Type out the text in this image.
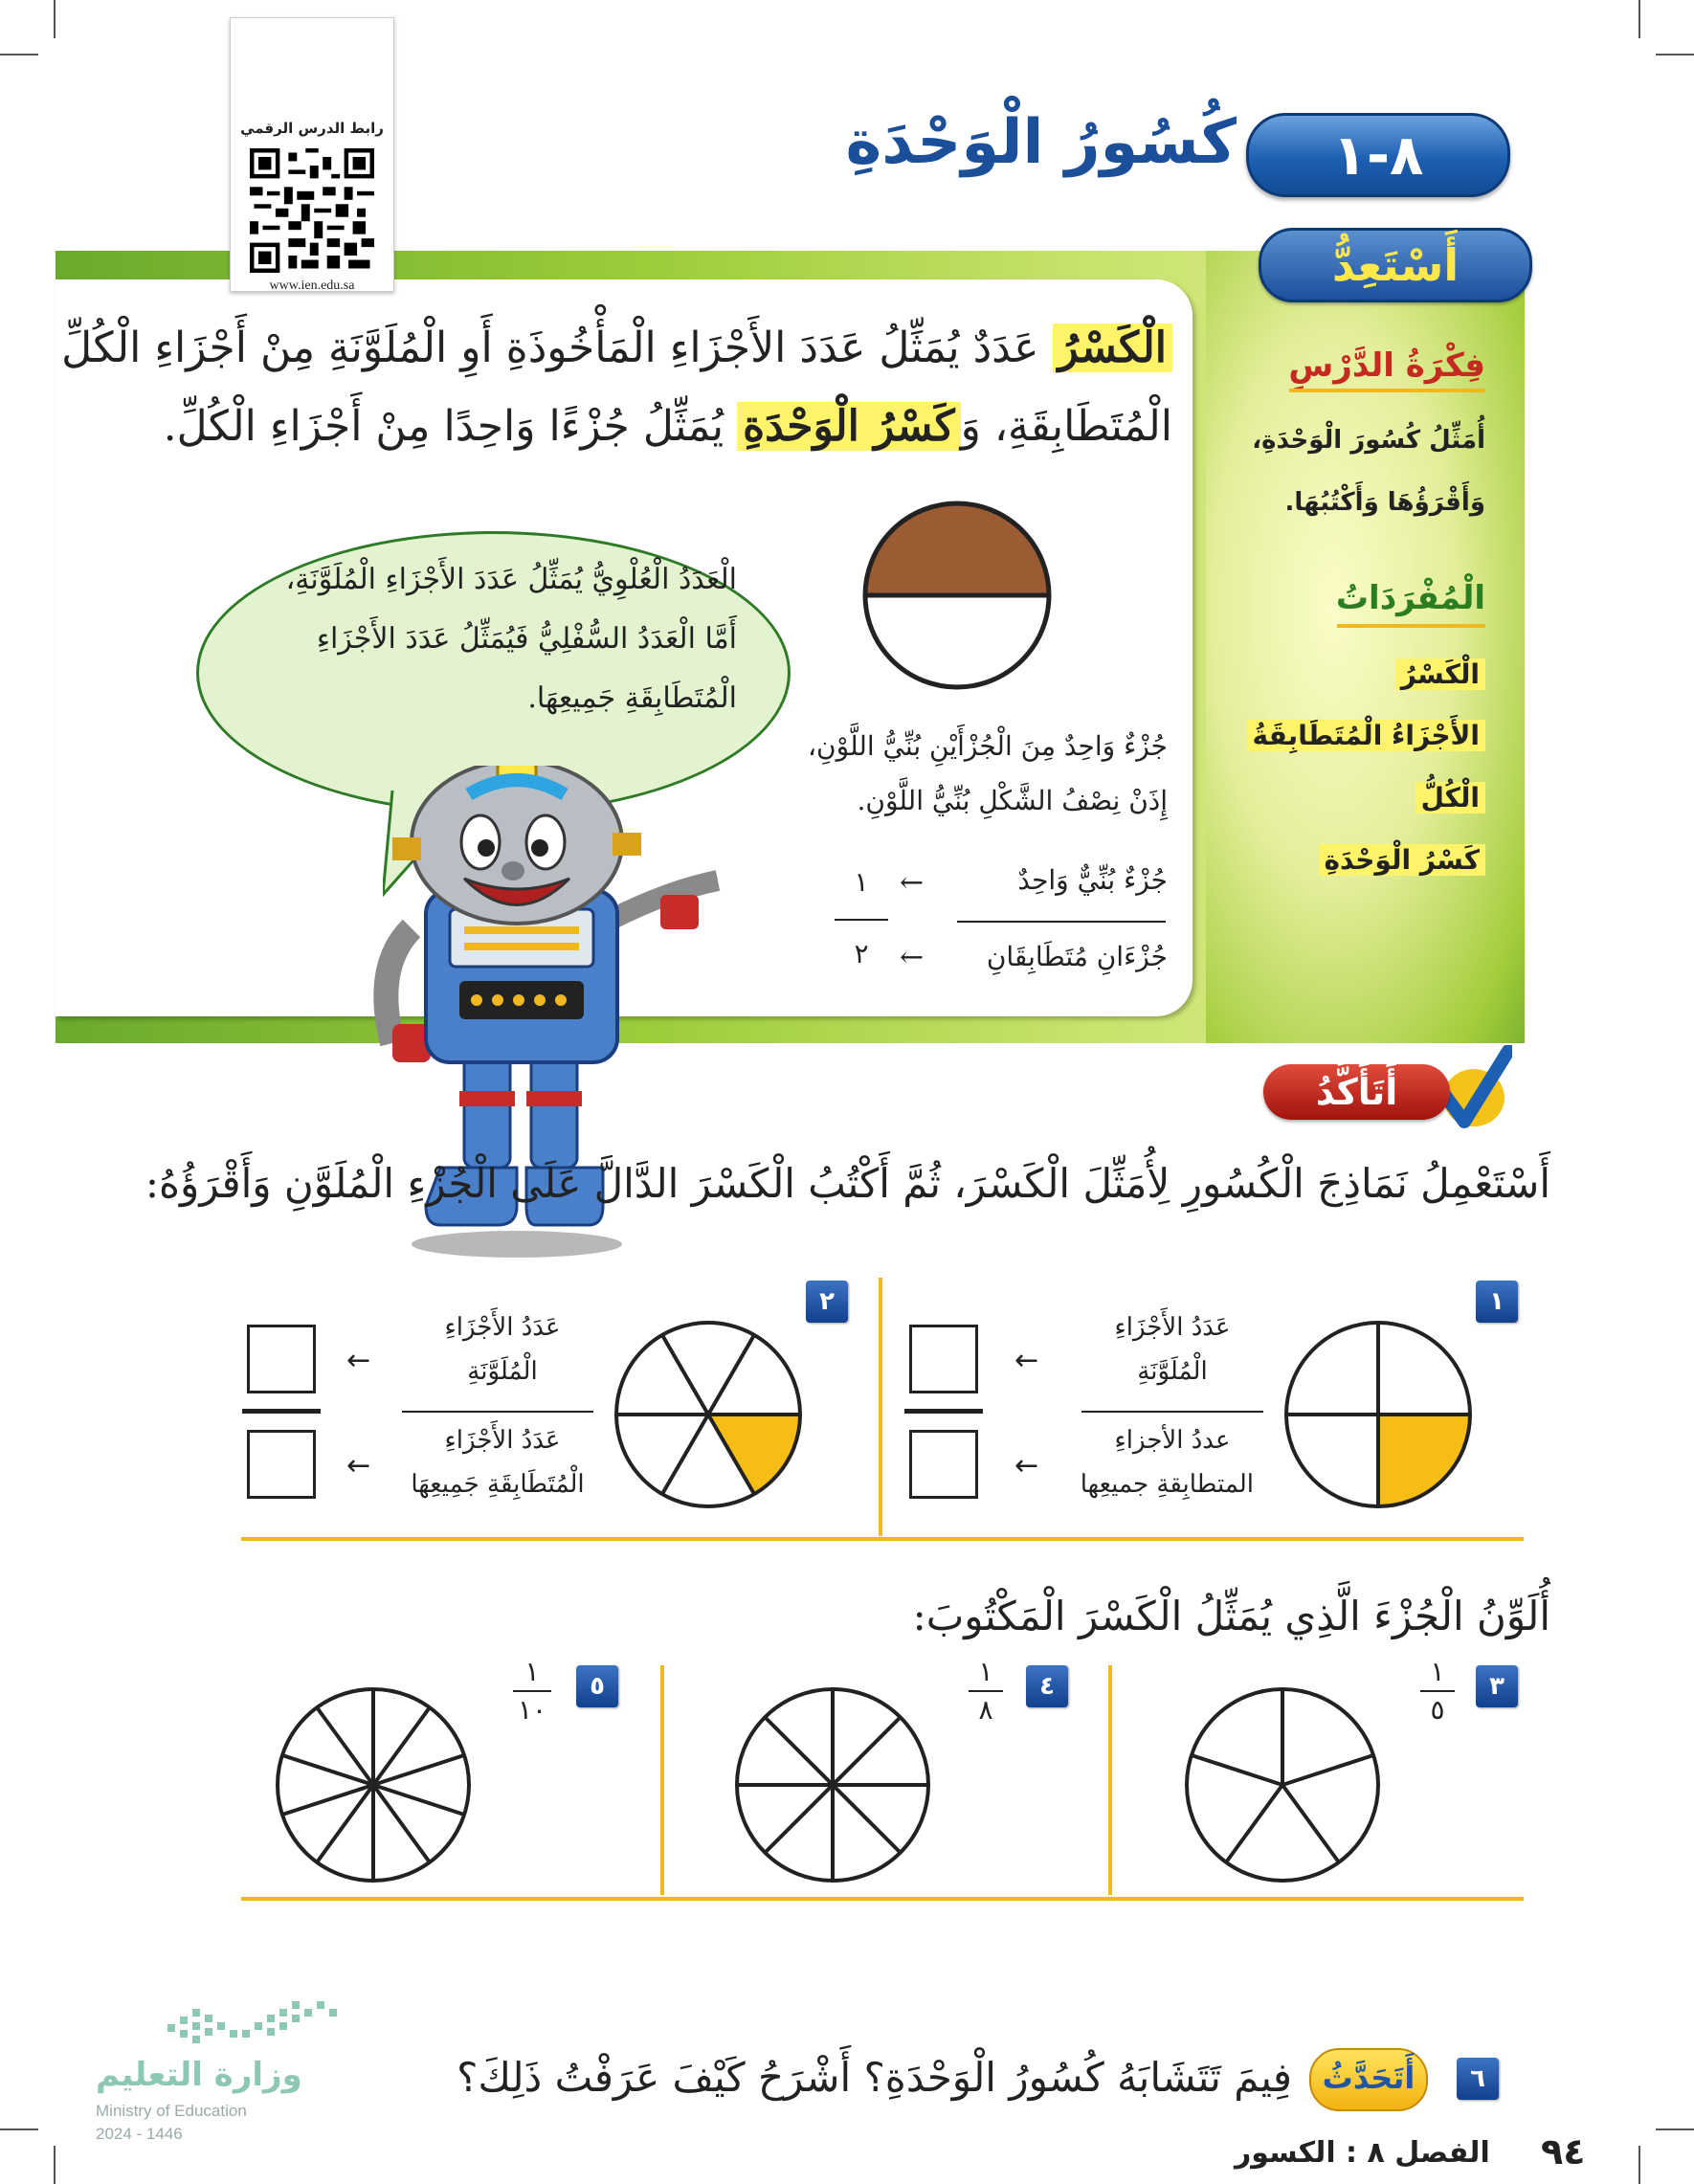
رابط الدرس الرقمي
www.ien.edu.sa
٨-١
كُسُورُ الْوَحْدَةِ
أَسْتَعِدُّ
الْكَسْرُ عَدَدٌ يُمَثِّلُ عَدَدَ الأَجْزَاءِ الْمَأْخُوذَةِ أَوِ الْمُلَوَّنَةِ مِنْ أَجْزَاءِ الْكُلِّ
الْمُتَطَابِقَةِ، وَكَسْرُ الْوَحْدَةِ يُمَثِّلُ جُزْءًا وَاحِدًا مِنْ أَجْزَاءِ الْكُلِّ.
فِكْرَةُ الدَّرْسِ
أُمَثِّلُ كُسُورَ الْوَحْدَةِ،
وَأَقْرَؤُهَا وَأَكْتُبُهَا.
الْمُفْرَدَاتُ
الْكَسْرُ
الأَجْزَاءُ الْمُتَطَابِقَةُ
الْكُلُّ
كَسْرُ الْوَحْدَةِ
الْعَدَدُ الْعُلْوِيُّ يُمَثِّلُ عَدَدَ الأَجْزَاءِ الْمُلَوَّنَةِ،
أَمَّا الْعَدَدُ السُّفْلِيُّ فَيُمَثِّلُ عَدَدَ الأَجْزَاءِ
الْمُتَطَابِقَةِ جَمِيعِهَا.
جُزْءٌ وَاحِدٌ مِنَ الْجُزْأَيْنِ بُنِّيُّ اللَّوْنِ،
إِذَنْ نِصْفُ الشَّكْلِ بُنِّيُّ اللَّوْنِ.
جُزْءٌ بُنِّيٌّ وَاحِدٌ
جُزْءَانِ مُتَطَابِقَانِ
←
←
١
٢
أَتَأَكَّدُ
أَسْتَعْمِلُ نَمَاذِجَ الْكُسُورِ لِأُمَثِّلَ الْكَسْرَ، ثُمَّ أَكْتُبُ الْكَسْرَ الدَّالَّ عَلَى الْجُزْءِ الْمُلَوَّنِ وَأَقْرَؤُهُ:
١
عَدَدُ الأَجْزَاءِ
الْمُلَوَّنَةِ
عددُ الأجزاءِ
المتطابِقةِ جميعِها
←
←
٢
عَدَدُ الأَجْزَاءِ
الْمُلَوَّنَةِ
عَدَدُ الأَجْزَاءِ
الْمُتَطَابِقَةِ جَمِيعِهَا
←
←
أُلَوِّنُ الْجُزْءَ الَّذِي يُمَثِّلُ الْكَسْرَ الْمَكْتُوبَ:
٣
١
٥
٤
١
٨
٥
١
١٠
٦
أَتَحَدَّثُ
فِيمَ تَتَشَابَهُ كُسُورُ الْوَحْدَةِ؟ أَشْرَحُ كَيْفَ عَرَفْتُ ذَلِكَ؟
وزارة التعليم
Ministry of Education
2024 - 1446
الفصل ٨ : الكسور ٩٤
